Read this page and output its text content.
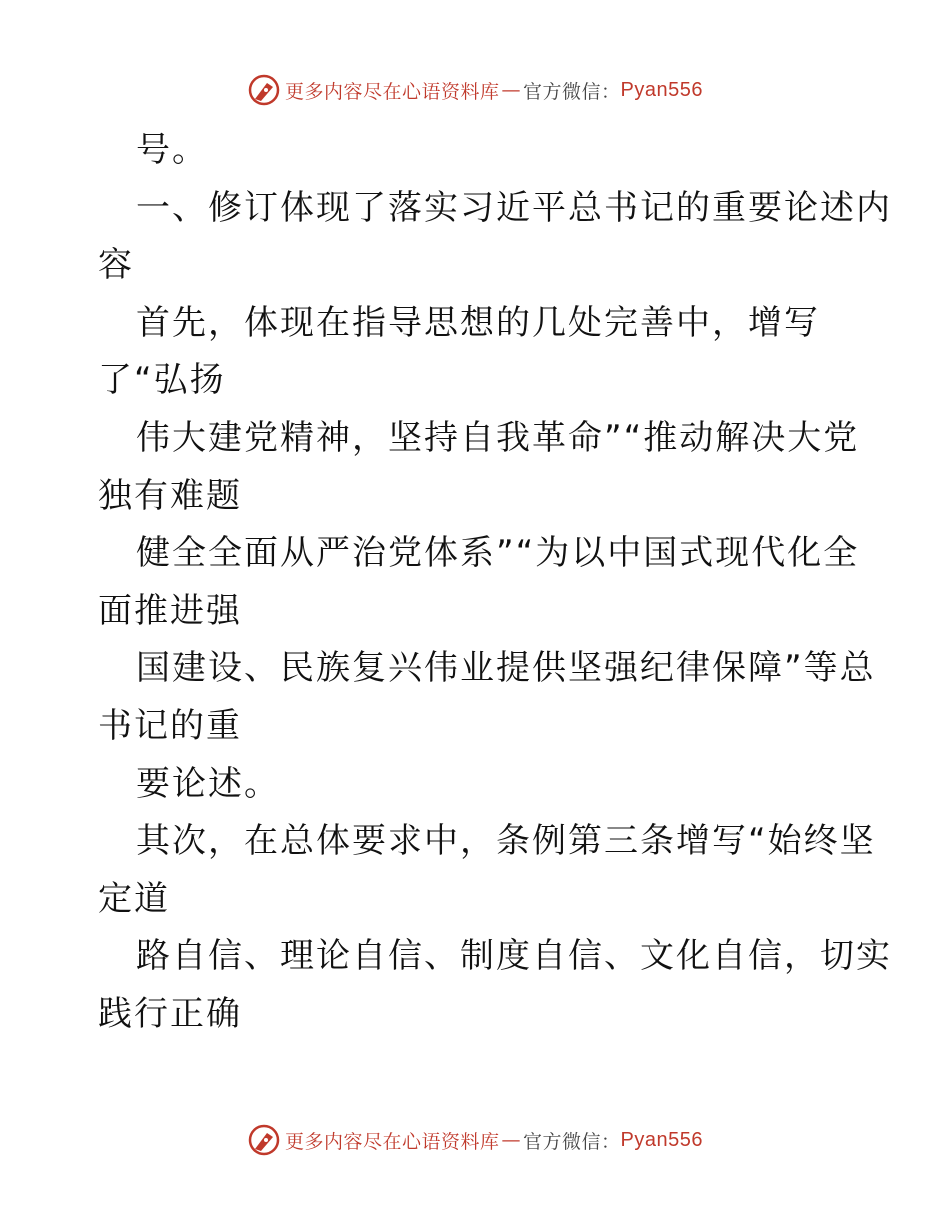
更多内容尽在心语资料库 — 官方微信： Pyan556
号。
一、修订体现了落实习近平总书记的重要论述内
容
首先，体现在指导思想的几处完善中，增写
了“弘扬
伟大建党精神，坚持自我革命”“推动解决大党
独有难题
健全全面从严治党体系”“为以中国式现代化全
面推进强
国建设、民族复兴伟业提供坚强纪律保障”等总
书记的重
要论述。
其次，在总体要求中，条例第三条增写“始终坚
定道
路自信、理论自信、制度自信、文化自信，切实
践行正确
更多内容尽在心语资料库 — 官方微信： Pyan556
